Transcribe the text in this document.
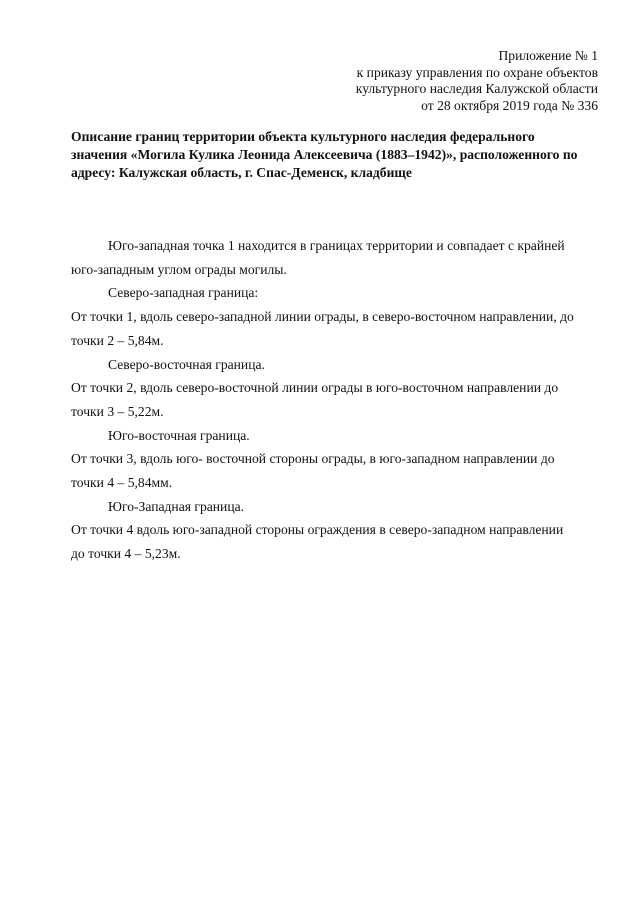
Приложение № 1
к приказу управления по охране объектов
культурного наследия Калужской области
от 28 октября 2019 года № 336
Описание границ территории объекта культурного наследия федерального
значения «Могила Кулика Леонида Алексеевича (1883–1942)», расположенного по
адресу: Калужская область, г. Спас-Деменск, кладбище

Юго-западная точка 1 находится в границах территории и совпадает с крайней

юго-западным углом ограды могилы.

Северо-западная граница:

От точки 1, вдоль северо-западной линии ограды, в северо-восточном направлении, до

точки 2 – 5,84м.

Северо-восточная граница.

От точки 2, вдоль северо-восточной линии ограды в юго-восточном направлении до

точки 3 – 5,22м.

Юго-восточная граница.

От точки 3, вдоль юго- восточной стороны ограды, в юго-западном направлении до

точки 4 – 5,84мм.

Юго-Западная граница.

От точки 4 вдоль юго-западной стороны ограждения в северо-западном направлении

до точки 4 – 5,23м.
